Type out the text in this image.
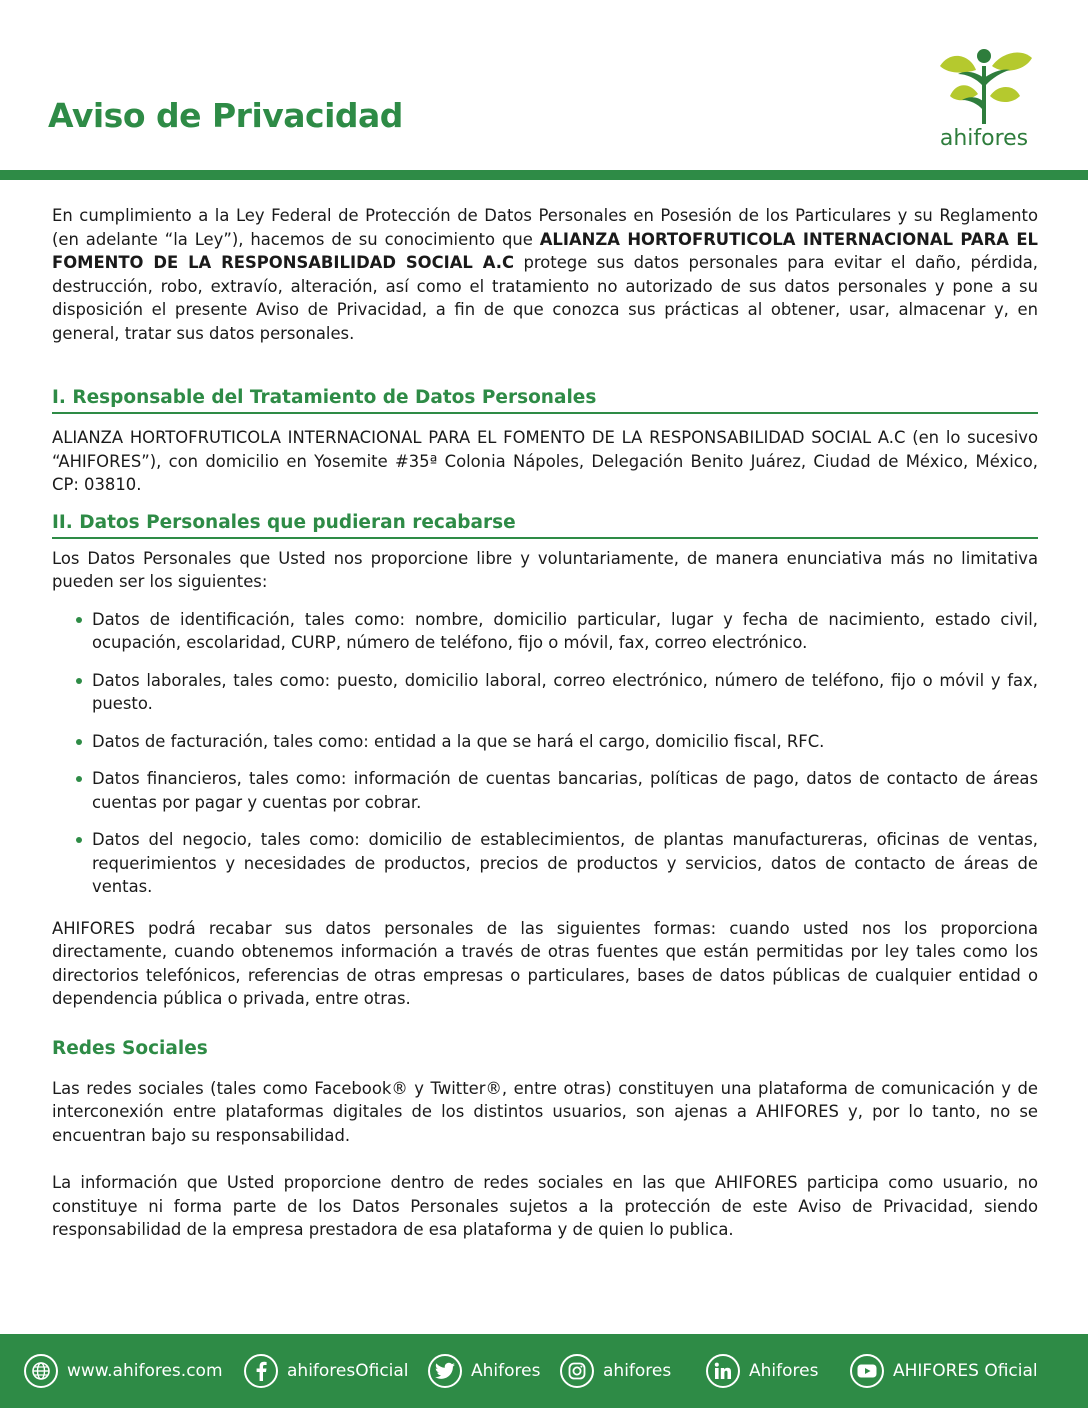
Aviso de Privacidad
ahifores

En cumplimiento a la Ley Federal de Protección de Datos Personales en Posesión de los Particulares y su Reglamento (en adelante “la Ley”), hacemos de su conocimiento que ALIANZA HORTOFRUTICOLA INTERNACIONAL PARA EL FOMENTO DE LA RESPONSABILIDAD SOCIAL A.C protege sus datos personales para evitar el daño, pérdida, destrucción, robo, extravío, alteración, así como el tratamiento no autorizado de sus datos personales y pone a su disposición el presente Aviso de Privacidad, a fin de que conozca sus prácticas al obtener, usar, almacenar y, en general, tratar sus datos personales.

I. Responsable del Tratamiento de Datos Personales

ALIANZA HORTOFRUTICOLA INTERNACIONAL PARA EL FOMENTO DE LA RESPONSABILIDAD SOCIAL A.C (en lo sucesivo “AHIFORES”), con domicilio en Yosemite #35ª Colonia Nápoles, Delegación Benito Juárez, Ciudad de México, México, CP: 03810.

II. Datos Personales que pudieran recabarse

Los Datos Personales que Usted nos proporcione libre y voluntariamente, de manera enunciativa más no limitativa pueden ser los siguientes:

Datos de identificación, tales como: nombre, domicilio particular, lugar y fecha de nacimiento, estado civil, ocupación, escolaridad, CURP, número de teléfono, fijo o móvil, fax, correo electrónico.

Datos laborales, tales como: puesto, domicilio laboral, correo electrónico, número de teléfono, fijo o móvil y fax, puesto.

Datos de facturación, tales como: entidad a la que se hará el cargo, domicilio fiscal, RFC.

Datos financieros, tales como: información de cuentas bancarias, políticas de pago, datos de contacto de áreas cuentas por pagar y cuentas por cobrar.

Datos del negocio, tales como: domicilio de establecimientos, de plantas manufactureras, oficinas de ventas, requerimientos y necesidades de productos, precios de productos y servicios, datos de contacto de áreas de ventas.

AHIFORES podrá recabar sus datos personales de las siguientes formas: cuando usted nos los proporciona directamente, cuando obtenemos información a través de otras fuentes que están permitidas por ley tales como los directorios telefónicos, referencias de otras empresas o particulares, bases de datos públicas de cualquier entidad o dependencia pública o privada, entre otras.

Redes Sociales

Las redes sociales (tales como Facebook® y Twitter®, entre otras) constituyen una plataforma de comunicación y de interconexión entre plataformas digitales de los distintos usuarios, son ajenas a AHIFORES y, por lo tanto, no se encuentran bajo su responsabilidad.

La información que Usted proporcione dentro de redes sociales en las que AHIFORES participa como usuario, no constituye ni forma parte de los Datos Personales sujetos a la protección de este Aviso de Privacidad, siendo responsabilidad de la empresa prestadora de esa plataforma y de quien lo publica.

www.ahifores.com	ahiforesOficial	Ahifores	ahifores	Ahifores	AHIFORES Oficial
